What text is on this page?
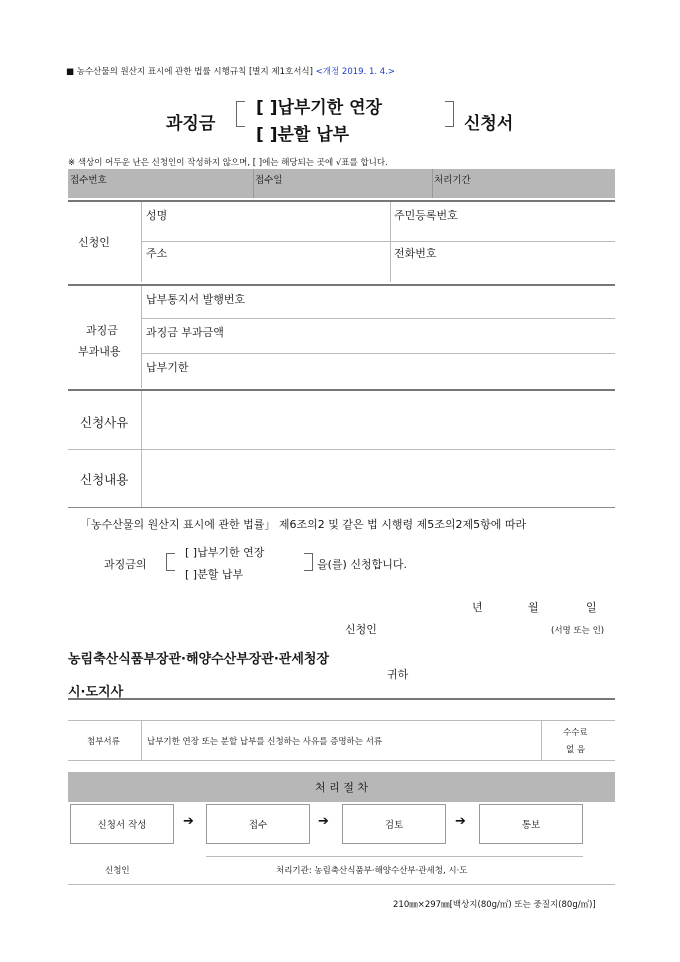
■ 농수산물의 원산지 표시에 관한 법률 시행규칙 [별지 제1호서식] <개정 2019. 1. 4.>
과징금
[ ]납부기한 연장
[ ]분할 납부
신청서
※ 색상이 어두운 난은 신청인이 작성하지 않으며, [ ]에는 해당되는 곳에 √표를 합니다.
접수번호	접수일	처리기간
신청인
성명	주민등록번호
주소	전화번호
과징금
부과내용
납부통지서 발행번호
과징금 부과금액
납부기한
신청사유
신청내용
「농수산물의 원산지 표시에 관한 법률」 제6조의2 및 같은 법 시행령 제5조의2제5항에 따라
과징금의
[ ]납부기한 연장
[ ]분할 납부
을(를) 신청합니다.
년	월	일
신청인	(서명 또는 인)
농림축산식품부장관·해양수산부장관·관세청장
귀하
시·도지사
첨부서류	납부기한 연장 또는 분할 납부를 신청하는 사유를 증명하는 서류
수수료
없 음
처 리 절 차
신청서 작성	➔	접수	➔	검토	➔	통보
신청인	처리기관: 농림축산식품부·해양수산부·관세청, 시·도
210㎜×297㎜[백상지(80g/㎡) 또는 중질지(80g/㎡)]
